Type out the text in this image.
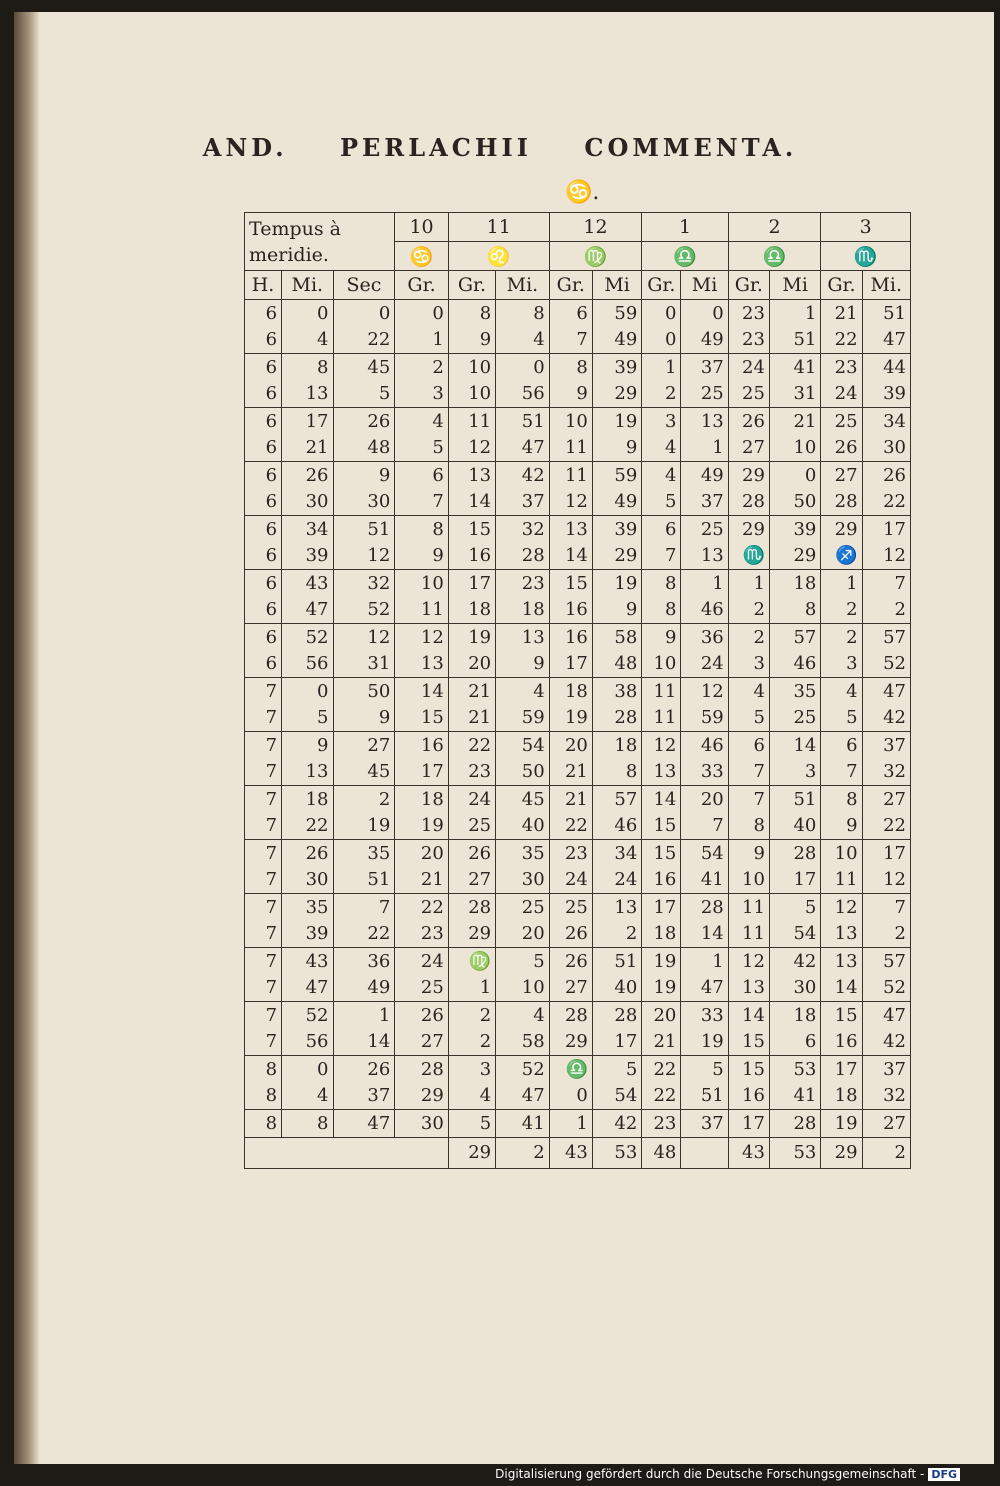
AND. PERLACHII COMMENTA.
♋.
Tempus à meridie.			10	11		12		1		2		3	
			♋	♌		♍		♎		♎		♏	
H.	Mi.	Sec	Gr.	Gr.	Mi.	Gr.	Mi	Gr.	Mi	Gr.	Mi	Gr.	Mi.
6	0	0	0	8	8	6	59	0	0	23	1	21	51
6	4	22	1	9	4	7	49	0	49	23	51	22	47
6	8	45	2	10	0	8	39	1	37	24	41	23	44
6	13	5	3	10	56	9	29	2	25	25	31	24	39
6	17	26	4	11	51	10	19	3	13	26	21	25	34
6	21	48	5	12	47	11	9	4	1	27	10	26	30
6	26	9	6	13	42	11	59	4	49	29	0	27	26
6	30	30	7	14	37	12	49	5	37	28	50	28	22
6	34	51	8	15	32	13	39	6	25	29	39	29	17
6	39	12	9	16	28	14	29	7	13	♏	29	♐	12
6	43	32	10	17	23	15	19	8	1	1	18	1	7
6	47	52	11	18	18	16	9	8	46	2	8	2	2
6	52	12	12	19	13	16	58	9	36	2	57	2	57
6	56	31	13	20	9	17	48	10	24	3	46	3	52
7	0	50	14	21	4	18	38	11	12	4	35	4	47
7	5	9	15	21	59	19	28	11	59	5	25	5	42
7	9	27	16	22	54	20	18	12	46	6	14	6	37
7	13	45	17	23	50	21	8	13	33	7	3	7	32
7	18	2	18	24	45	21	57	14	20	7	51	8	27
7	22	19	19	25	40	22	46	15	7	8	40	9	22
7	26	35	20	26	35	23	34	15	54	9	28	10	17
7	30	51	21	27	30	24	24	16	41	10	17	11	12
7	35	7	22	28	25	25	13	17	28	11	5	12	7
7	39	22	23	29	20	26	2	18	14	11	54	13	2
7	43	36	24	♍	5	26	51	19	1	12	42	13	57
7	47	49	25	1	10	27	40	19	47	13	30	14	52
7	52	1	26	2	4	28	28	20	33	14	18	15	47
7	56	14	27	2	58	29	17	21	19	15	6	16	42
8	0	26	28	3	52	♎	5	22	5	15	53	17	37
8	4	37	29	4	47	0	54	22	51	16	41	18	32
8	8	47	30	5	41	1	42	23	37	17	28	19	27
				29	2	43	53	48		43	53	29	2
Digitalisierung gefördert durch die Deutsche Forschungsgemeinschaft - DFG
